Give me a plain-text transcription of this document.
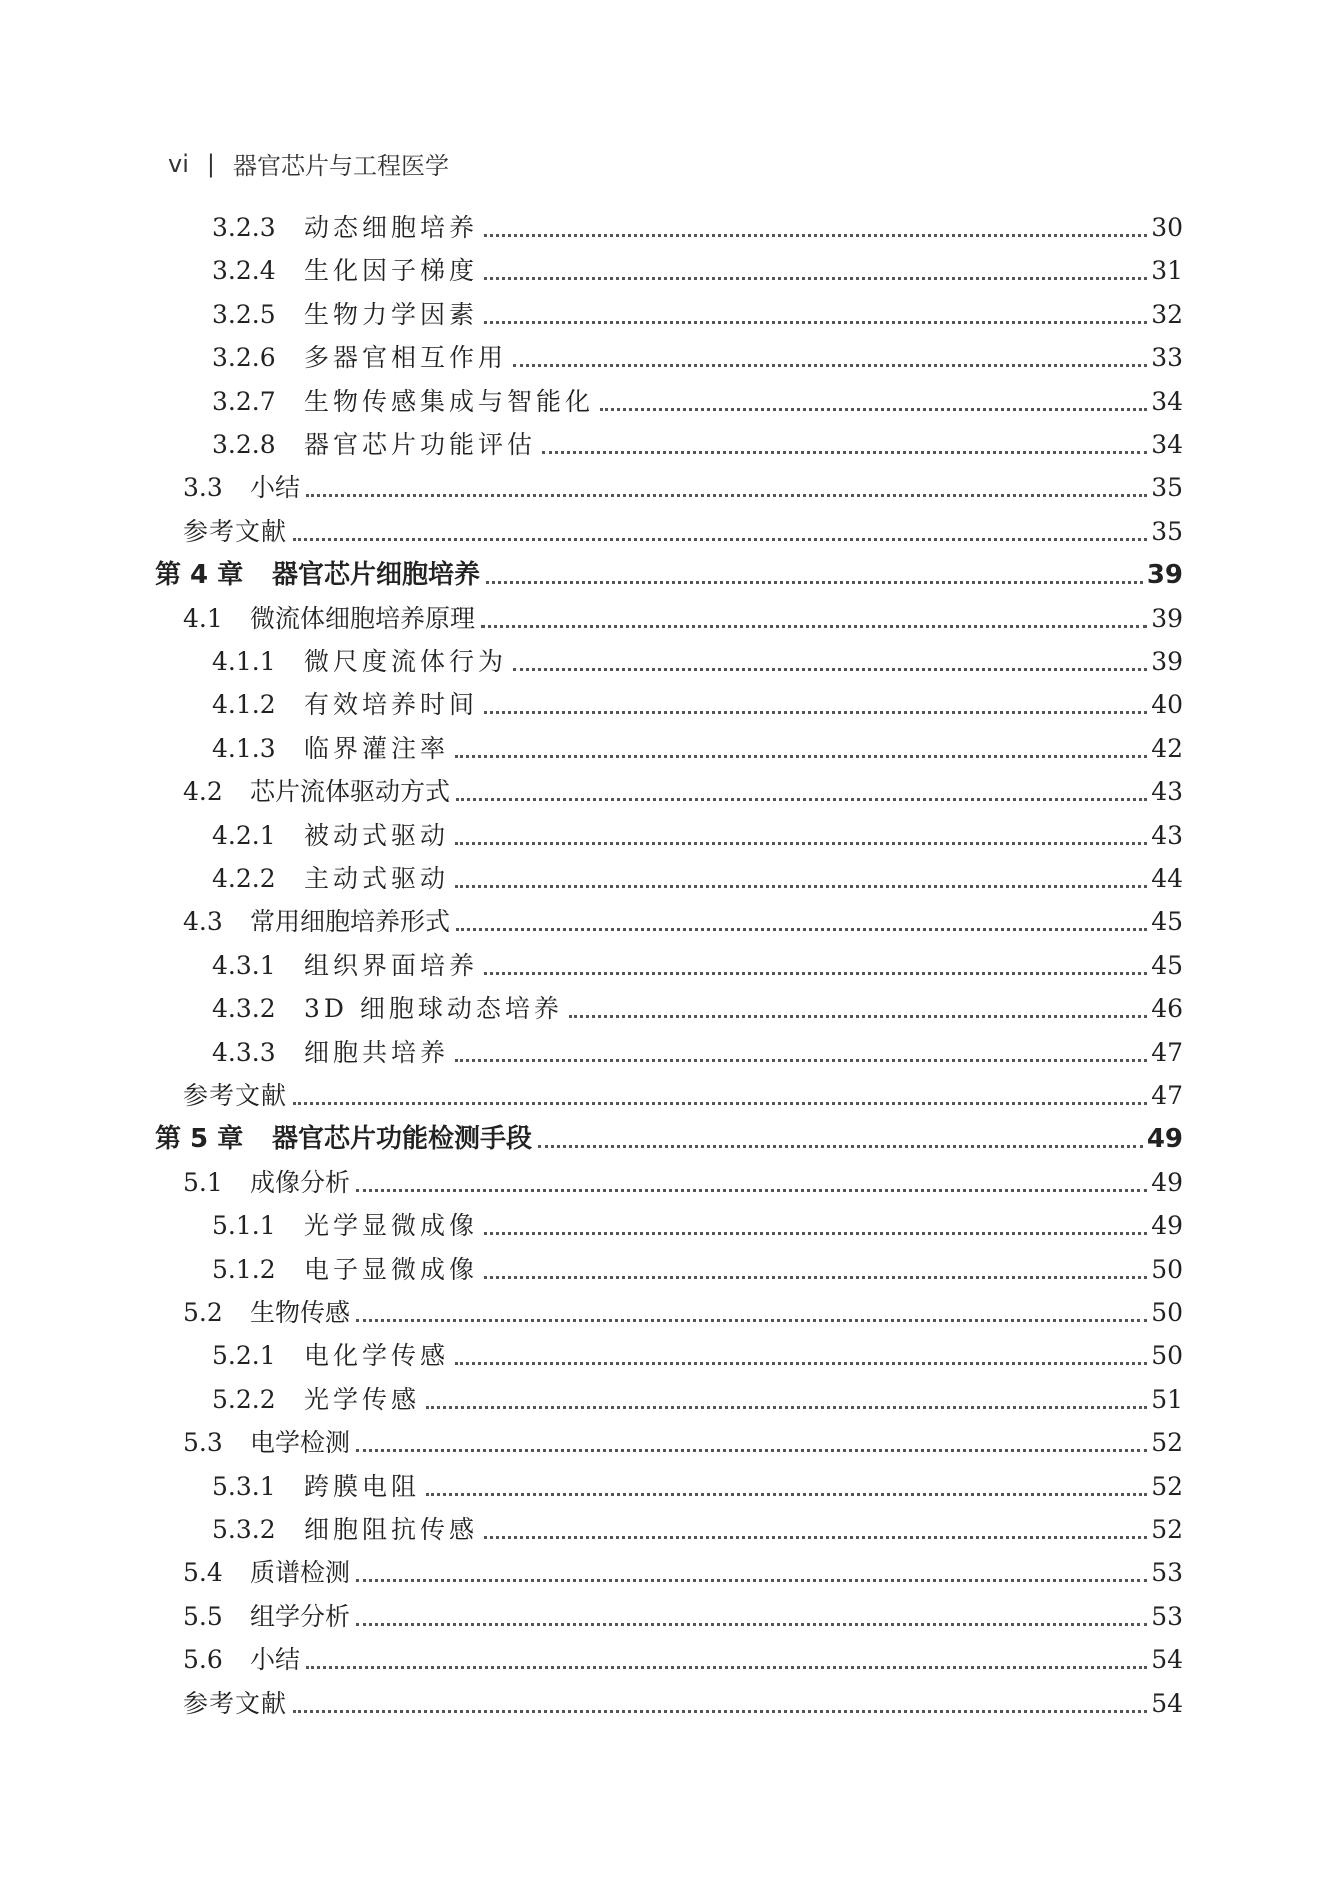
vi | 器官芯片与工程医学
3.2.3	动态细胞培养	30
3.2.4	生化因子梯度	31
3.2.5	生物力学因素	32
3.2.6	多器官相互作用	33
3.2.7	生物传感集成与智能化	34
3.2.8	器官芯片功能评估	34
3.3	小结	35
参考文献	35
第 4 章	器官芯片细胞培养	39
4.1	微流体细胞培养原理	39
4.1.1	微尺度流体行为	39
4.1.2	有效培养时间	40
4.1.3	临界灌注率	42
4.2	芯片流体驱动方式	43
4.2.1	被动式驱动	43
4.2.2	主动式驱动	44
4.3	常用细胞培养形式	45
4.3.1	组织界面培养	45
4.3.2	3D 细胞球动态培养	46
4.3.3	细胞共培养	47
参考文献	47
第 5 章	器官芯片功能检测手段	49
5.1	成像分析	49
5.1.1	光学显微成像	49
5.1.2	电子显微成像	50
5.2	生物传感	50
5.2.1	电化学传感	50
5.2.2	光学传感	51
5.3	电学检测	52
5.3.1	跨膜电阻	52
5.3.2	细胞阻抗传感	52
5.4	质谱检测	53
5.5	组学分析	53
5.6	小结	54
参考文献	54
